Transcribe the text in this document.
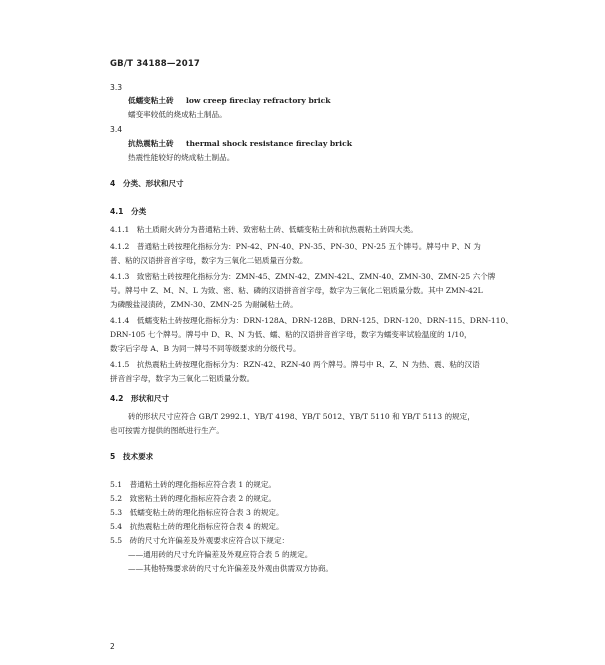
GB/T 34188—2017
3.3
低蠕变粘土砖 low creep fireclay refractory brick
蠕变率较低的烧成粘土制品。
3.4
抗热震粘土砖 thermal shock resistance fireclay brick
热震性能较好的烧成粘土制品。
4　分类、形状和尺寸
4.1　分类
4.1.1　粘土质耐火砖分为普通粘土砖、致密粘土砖、低蠕变粘土砖和抗热震粘土砖四大类。
4.1.2　普通粘土砖按理化指标分为：PN-42、PN-40、PN-35、PN-30、PN-25 五个牌号。牌号中 P、N 为
普、粘的汉语拼音首字母，数字为三氧化二铝质量百分数。
4.1.3　致密粘土砖按理化指标分为：ZMN-45、ZMN-42、ZMN-42L、ZMN-40、ZMN-30、ZMN-25 六个牌
号。牌号中 Z、M、N、L 为致、密、粘、磷的汉语拼音首字母，数字为三氧化二铝质量分数。其中 ZMN-42L
为磷酸盐浸渍砖，ZMN-30、ZMN-25 为耐碱粘土砖。
4.1.4　低蠕变粘土砖按理化指标分为：DRN-128A、DRN-128B、DRN-125、DRN-120、DRN-115、DRN-110、
DRN-105 七个牌号。牌号中 D、R、N 为低、蠕、粘的汉语拼音首字母，数字为蠕变率试验温度的 1/10，
数字后字母 A、B 为同一牌号不同等级要求的分级代号。
4.1.5　抗热震粘土砖按理化指标分为：RZN-42、RZN-40 两个牌号。牌号中 R、Z、N 为热、震、粘的汉语
拼音首字母，数字为三氧化二铝质量分数。
4.2　形状和尺寸
砖的形状尺寸应符合 GB/T 2992.1、YB/T 4198、YB/T 5012、YB/T 5110 和 YB/T 5113 的规定，
也可按需方提供的图纸进行生产。
5　技术要求
5.1　普通粘土砖的理化指标应符合表 1 的规定。
5.2　致密粘土砖的理化指标应符合表 2 的规定。
5.3　低蠕变粘土砖的理化指标应符合表 3 的规定。
5.4　抗热震粘土砖的理化指标应符合表 4 的规定。
5.5　砖的尺寸允许偏差及外观要求应符合以下规定：
——通用砖的尺寸允许偏差及外观应符合表 5 的规定。
——其他特殊要求砖的尺寸允许偏差及外观由供需双方协商。
2
